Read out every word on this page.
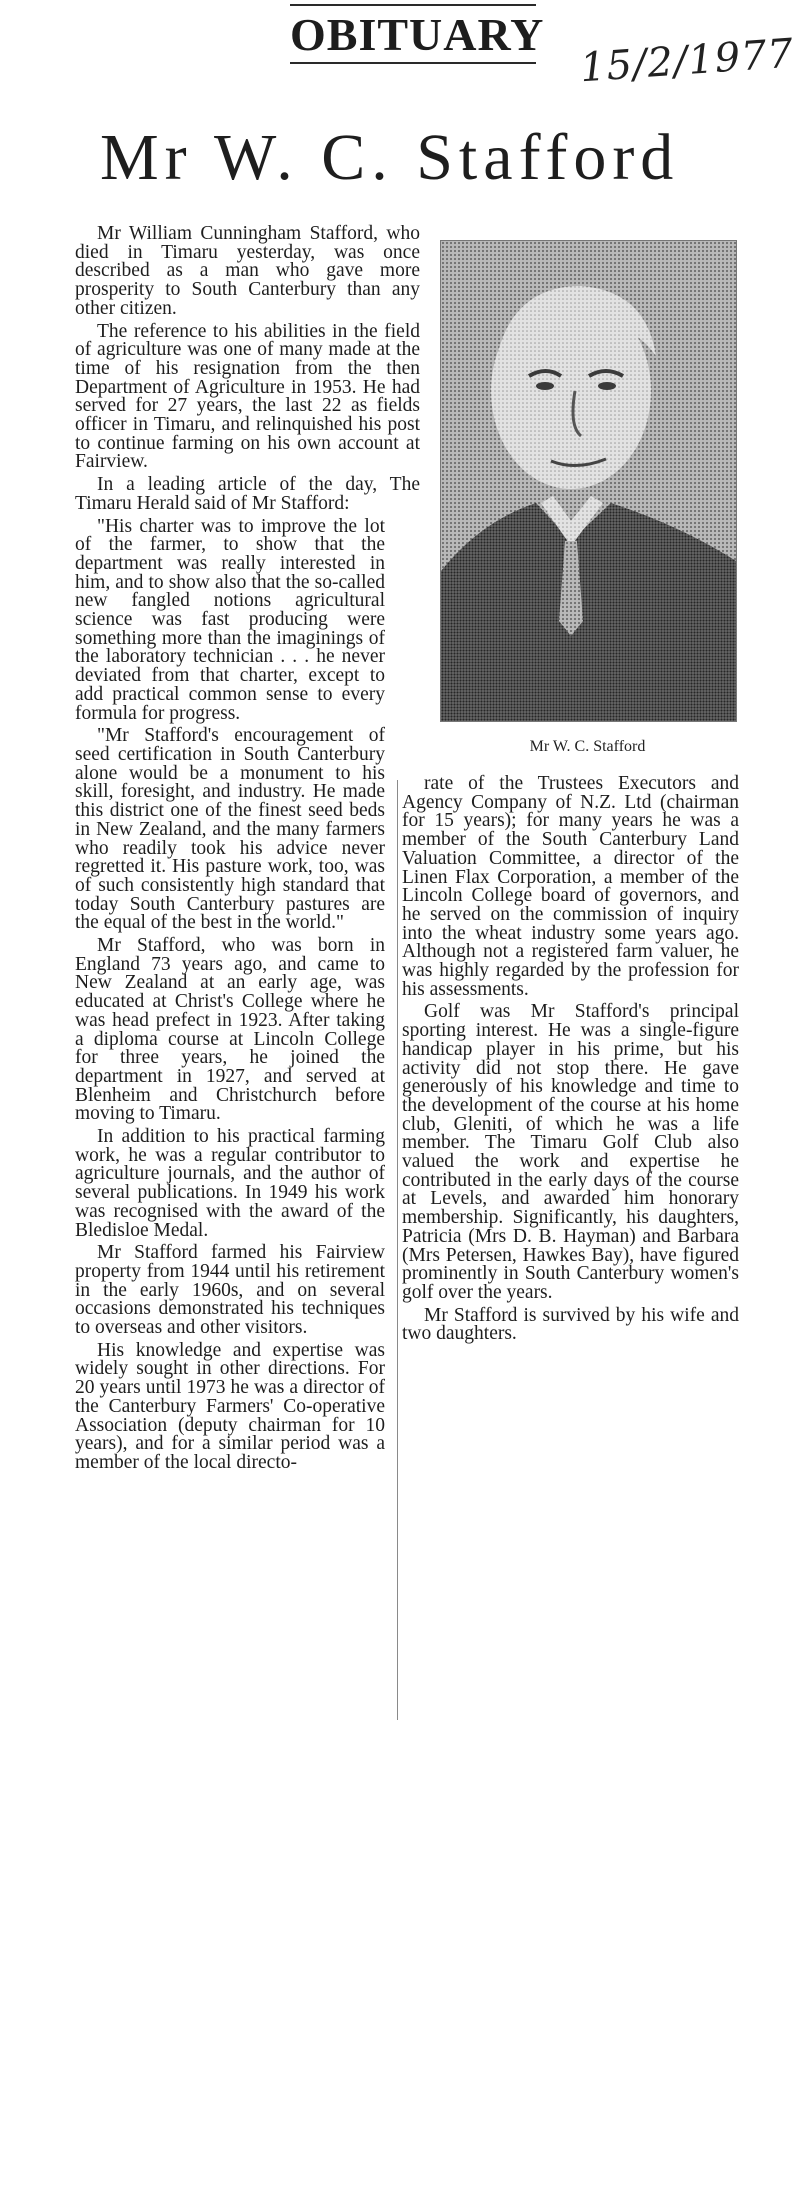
OBITUARY 15/2/1977
Mr W. C. Stafford
Mr W. C. Stafford

Mr William Cunningham Stafford, who died in Timaru yesterday, was once described as a man who gave more prosperity to South Canterbury than any other citizen.

The reference to his abilities in the field of agriculture was one of many made at the time of his resignation from the then Department of Agriculture in 1953. He had served for 27 years, the last 22 as fields officer in Timaru, and relinquished his post to continue farming on his own account at Fairview.

In a leading article of the day, The Timaru Herald said of Mr Stafford:

"His charter was to improve the lot of the farmer, to show that the department was really interested in him, and to show also that the so-called new fangled notions agricultural science was fast producing were something more than the imaginings of the laboratory technician . . . he never deviated from that charter, except to add practical common sense to every formula for progress.

"Mr Stafford's encouragement of seed certification in South Canterbury alone would be a monument to his skill, foresight, and industry. He made this district one of the finest seed beds in New Zealand, and the many farmers who readily took his advice never regretted it. His pasture work, too, was of such consistently high standard that today South Canterbury pastures are the equal of the best in the world."

Mr Stafford, who was born in England 73 years ago, and came to New Zealand at an early age, was educated at Christ's College where he was head prefect in 1923. After taking a diploma course at Lincoln College for three years, he joined the department in 1927, and served at Blenheim and Christchurch before moving to Timaru.

In addition to his practical farming work, he was a regular contributor to agriculture journals, and the author of several publications. In 1949 his work was recognised with the award of the Bledisloe Medal.

Mr Stafford farmed his Fairview property from 1944 until his retirement in the early 1960s, and on several occasions demonstrated his techniques to overseas and other visitors.

His knowledge and expertise was widely sought in other directions. For 20 years until 1973 he was a director of the Canterbury Farmers' Co-operative Association (deputy chairman for 10 years), and for a similar period was a member of the local directo-

rate of the Trustees Executors and Agency Company of N.Z. Ltd (chairman for 15 years); for many years he was a member of the South Canterbury Land Valuation Committee, a director of the Linen Flax Corporation, a member of the Lincoln College board of governors, and he served on the commission of inquiry into the wheat industry some years ago. Although not a registered farm valuer, he was highly regarded by the profession for his assessments.

Golf was Mr Stafford's principal sporting interest. He was a single-figure handicap player in his prime, but his activity did not stop there. He gave generously of his knowledge and time to the development of the course at his home club, Gleniti, of which he was a life member. The Timaru Golf Club also valued the work and expertise he contributed in the early days of the course at Levels, and awarded him honorary membership. Significantly, his daughters, Patricia (Mrs D. B. Hayman) and Barbara (Mrs Petersen, Hawkes Bay), have figured prominently in South Canterbury women's golf over the years.

Mr Stafford is survived by his wife and two daughters.
